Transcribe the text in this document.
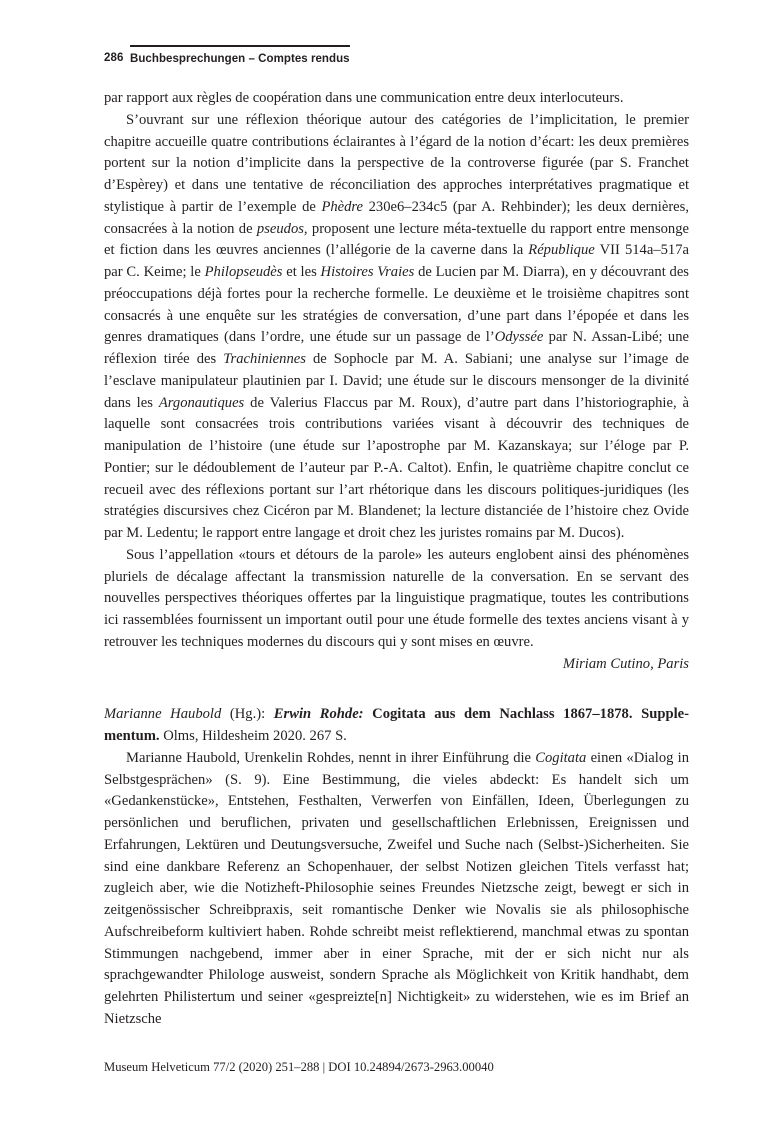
286 Buchbesprechungen – Comptes rendus

par rapport aux règles de coopération dans une communication entre deux interlocuteurs.

S’ouvrant sur une réflexion théorique autour des catégories de l’implicitation, le premier chapitre accueille quatre contributions éclairantes à l’égard de la notion d’écart: les deux premières portent sur la notion d’implicite dans la perspective de la controverse figurée (par S. Franchet d’Espèrey) et dans une tentative de réconciliation des approches interprétatives pragmatique et stylistique à partir de l’exemple de Phèdre 230e6–234c5 (par A. Rehbinder); les deux dernières, consacrées à la notion de pseudos, proposent une lecture méta-textuelle du rapport entre mensonge et fiction dans les œuvres anciennes (l’allégorie de la caverne dans la République VII 514a–517a par C. Keime; le Philopseudès et les Histoires Vraies de Lucien par M. Diarra), en y découvrant des préoccupations déjà fortes pour la recherche formelle. Le deuxième et le troisième chapitres sont consacrés à une enquête sur les stratégies de conversation, d’une part dans l’épopée et dans les genres dramatiques (dans l’ordre, une étude sur un passage de l’Odyssée par N. Assan-Libé; une réflexion tirée des Trachiniennes de Sophocle par M. A. Sabiani; une analyse sur l’image de l’esclave manipulateur plautinien par I. David; une étude sur le discours mensonger de la divinité dans les Argonautiques de Valerius Flaccus par M. Roux), d’autre part dans l’historiographie, à laquelle sont consacrées trois contributions variées visant à découvrir des techniques de manipulation de l’histoire (une étude sur l’apostrophe par M. Kazanskaya; sur l’éloge par P. Pontier; sur le dédoublement de l’auteur par P.-A. Caltot). Enfin, le quatrième chapitre conclut ce recueil avec des réflexions portant sur l’art rhétorique dans les discours politiques-juridiques (les stratégies discursives chez Cicéron par M. Blandenet; la lecture distanciée de l’histoire chez Ovide par M. Ledentu; le rapport entre langage et droit chez les juristes romains par M. Ducos).

Sous l’appellation «tours et détours de la parole» les auteurs englobent ainsi des phénomènes pluriels de décalage affectant la transmission naturelle de la conversation. En se servant des nouvelles perspectives théoriques offertes par la linguistique pragmatique, toutes les contributions ici rassemblées fournissent un important outil pour une étude formelle des textes anciens visant à y retrouver les techniques modernes du discours qui y sont mises en œuvre.

Miriam Cutino, Paris

Marianne Haubold (Hg.): Erwin Rohde: Cogitata aus dem Nachlass 1867–1878. Supplementum. Olms, Hildesheim 2020. 267 S.

Marianne Haubold, Urenkelin Rohdes, nennt in ihrer Einführung die Cogitata einen «Dialog in Selbstgesprächen» (S. 9). Eine Bestimmung, die vieles abdeckt: Es handelt sich um «Gedankenstücke», Entstehen, Festhalten, Verwerfen von Einfällen, Ideen, Überlegungen zu persönlichen und beruflichen, privaten und gesellschaftlichen Erlebnissen, Ereignissen und Erfahrungen, Lektüren und Deutungsversuche, Zweifel und Suche nach (Selbst-)Sicherheiten. Sie sind eine dankbare Referenz an Schopenhauer, der selbst Notizen gleichen Titels verfasst hat; zugleich aber, wie die Notizheft-Philosophie seines Freundes Nietzsche zeigt, bewegt er sich in zeitgenössischer Schreibpraxis, seit romantische Denker wie Novalis sie als philosophische Aufschreibeform kultiviert haben. Rohde schreibt meist reflektierend, manchmal etwas zu spontan Stimmungen nachgebend, immer aber in einer Sprache, mit der er sich nicht nur als sprachgewandter Philologe ausweist, sondern Sprache als Möglichkeit von Kritik handhabt, dem gelehrten Philistertum und seiner «gespreizte[n] Nichtigkeit» zu widerstehen, wie es im Brief an Nietzsche

Museum Helveticum 77/2 (2020) 251–288 | DOI 10.24894/2673-2963.00040
